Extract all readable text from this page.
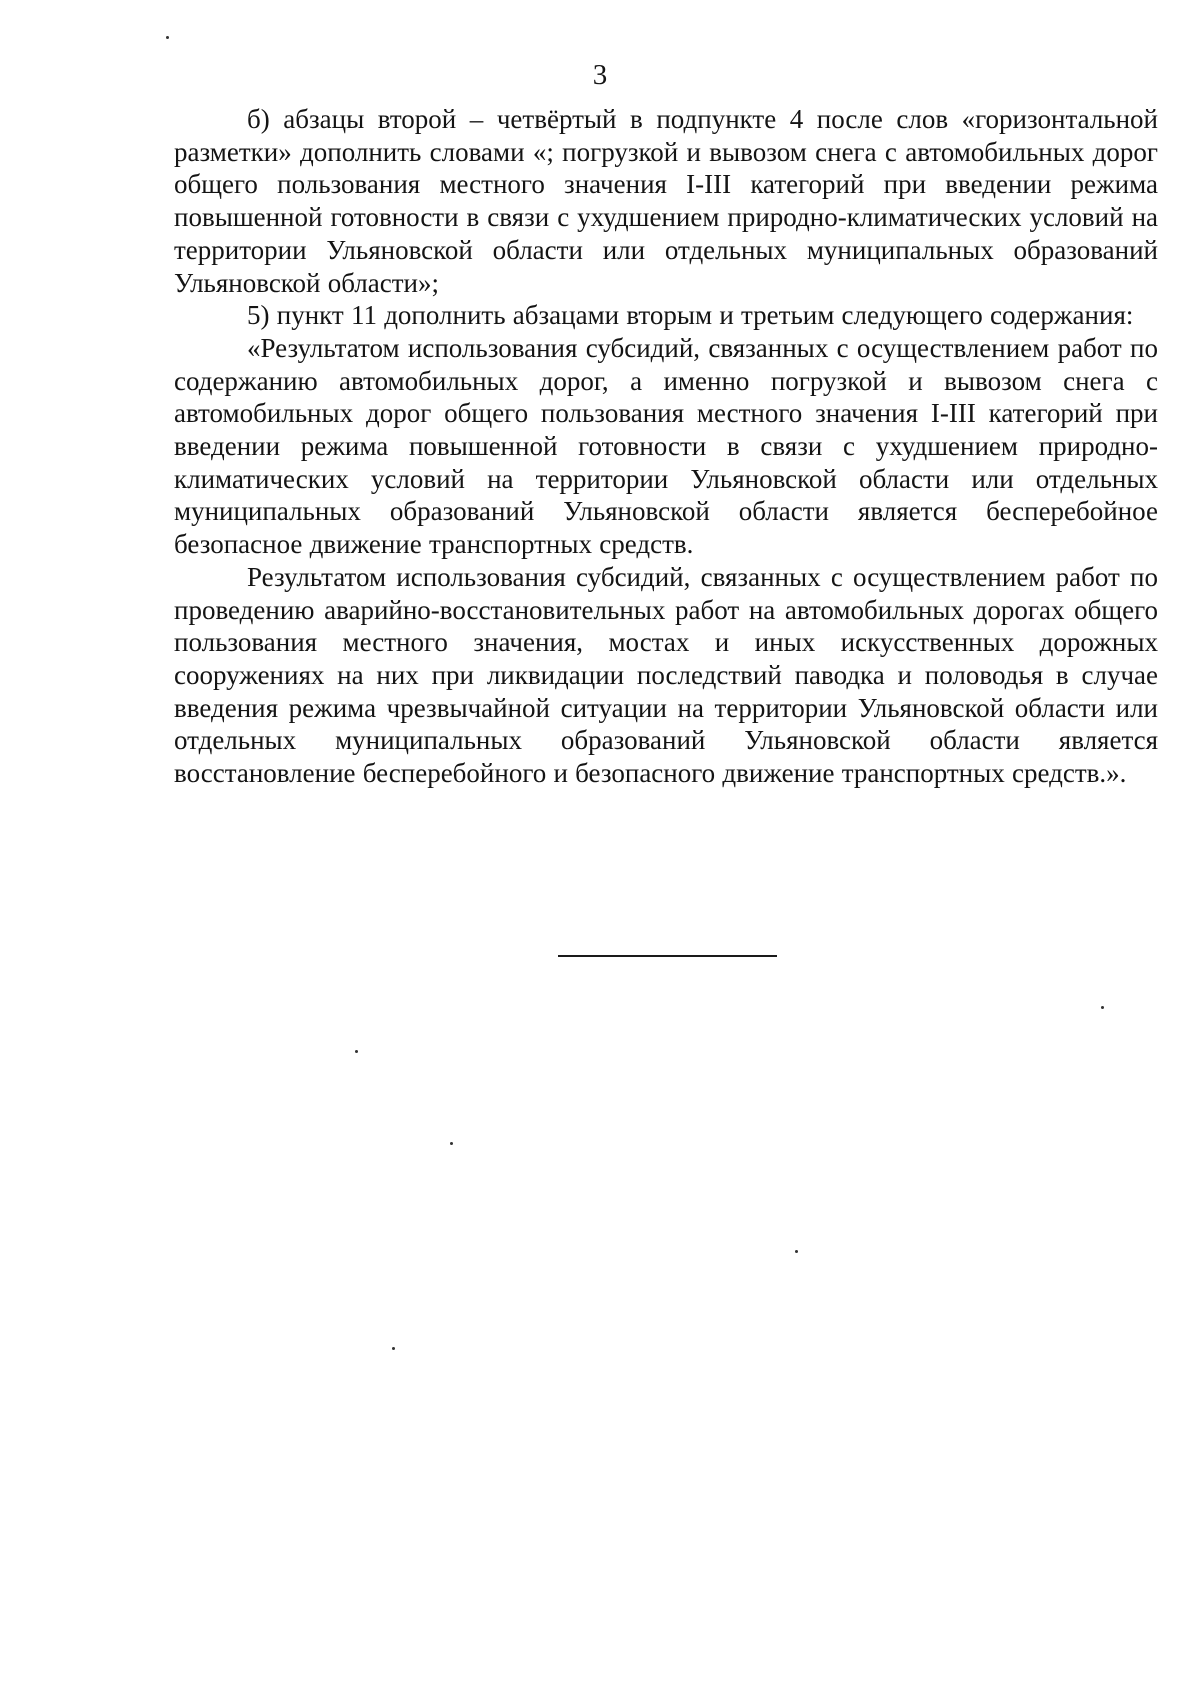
3

б) абзацы второй – четвёртый в подпункте 4 после слов «горизонтальной разметки» дополнить словами «; погрузкой и вывозом снега с автомобильных дорог общего пользования местного значения I-III категорий при введении режима повышенной готовности в связи с ухудшением природно-климатических условий на территории Ульяновской области или отдельных муниципальных образований Ульяновской области»;

5) пункт 11 дополнить абзацами вторым и третьим следующего содержания:

«Результатом использования субсидий, связанных с осуществлением работ по содержанию автомобильных дорог, а именно погрузкой и вывозом снега с автомобильных дорог общего пользования местного значения I-III категорий при введении режима повышенной готовности в связи с ухудшением природно-климатических условий на территории Ульяновской области или отдельных муниципальных образований Ульяновской области является бесперебойное безопасное движение транспортных средств.

Результатом использования субсидий, связанных с осуществлением работ по проведению аварийно-восстановительных работ на автомобильных дорогах общего пользования местного значения, мостах и иных искусственных дорожных сооружениях на них при ликвидации последствий паводка и половодья в случае введения режима чрезвычайной ситуации на территории Ульяновской области или отдельных муниципальных образований Ульяновской области является восстановление бесперебойного и безопасного движение транспортных средств.».
